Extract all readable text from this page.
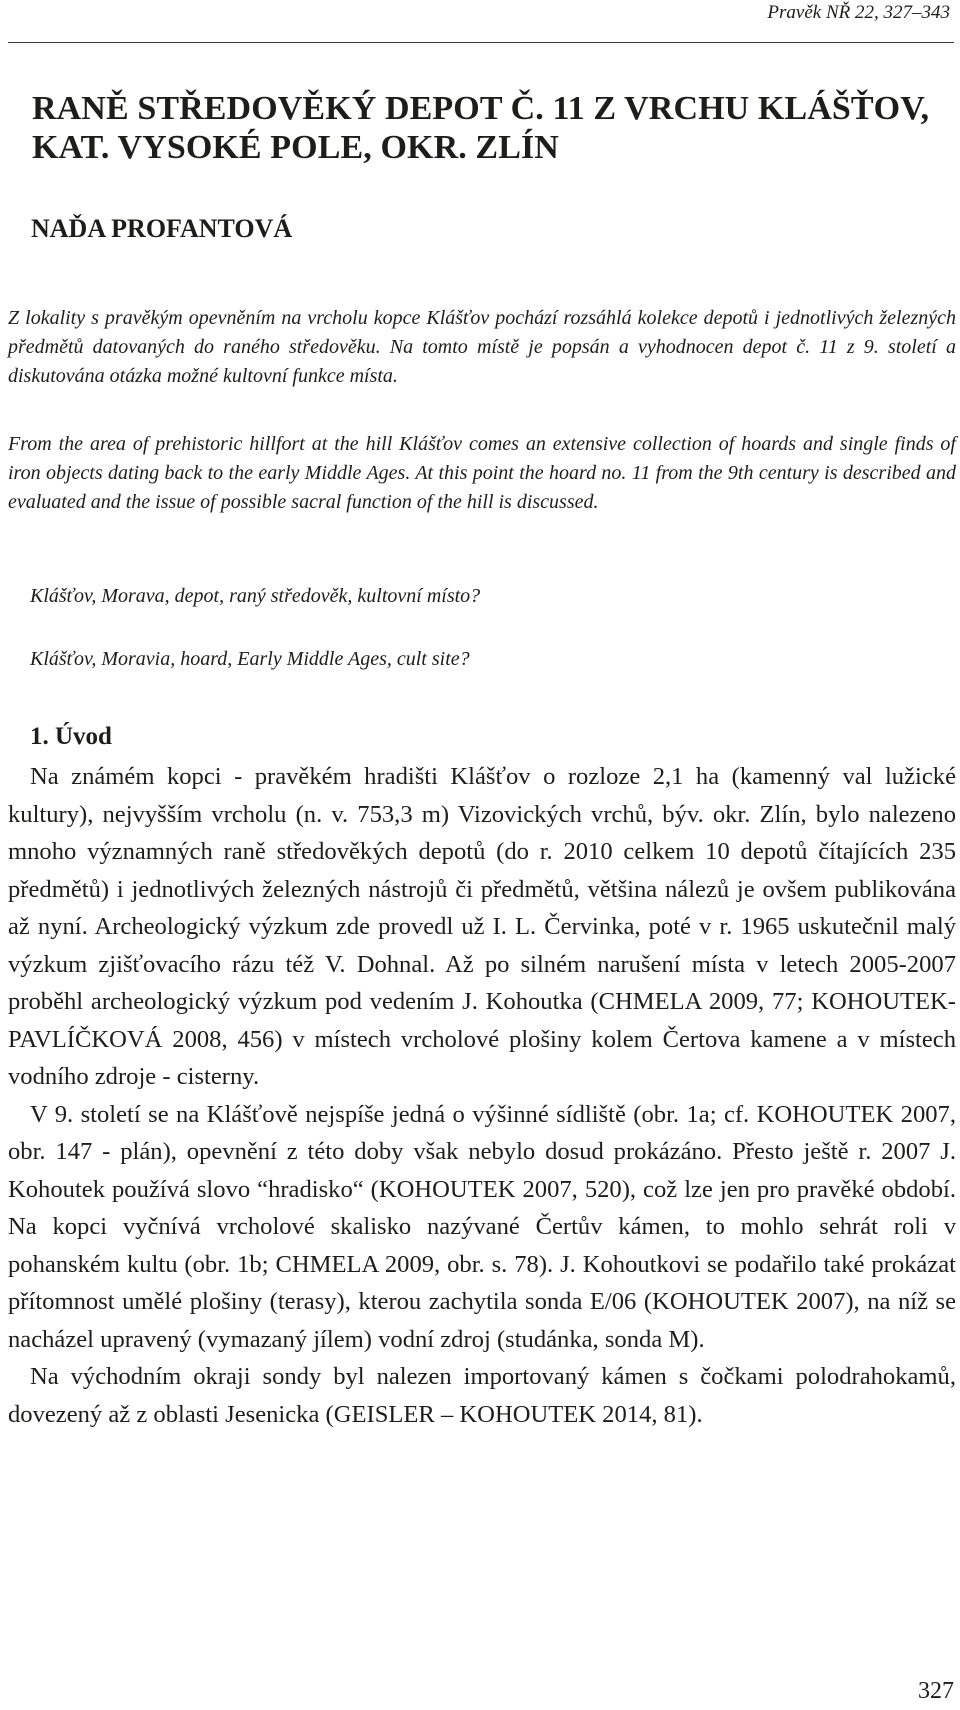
Pravěk NŘ 22, 327–343
RANĚ STŘEDOVĚKÝ DEPOT Č. 11 Z VRCHU KLÁŠŤOV, KAT. VYSOKÉ POLE, OKR. ZLÍN
NAĎA PROFANTOVÁ

Z lokality s pravěkým opevněním na vrcholu kopce Klášťov pochází rozsáhlá kolekce depotů i jednotlivých železných předmětů datovaných do raného středověku. Na tomto místě je popsán a vyhodnocen depot č. 11 z 9. století a diskutována otázka možné kultovní funkce místa.

From the area of prehistoric hillfort at the hill Klášťov comes an extensive collection of hoards and single finds of iron objects dating back to the early Middle Ages. At this point the hoard no. 11 from the 9th century is described and evaluated and the issue of possible sacral function of the hill is discussed.

Klášťov, Morava, depot, raný středověk, kultovní místo?

Klášťov, Moravia, hoard, Early Middle Ages, cult site?

1. Úvod

Na známém kopci - pravěkém hradišti Klášťov o rozloze 2,1 ha (kamenný val lužické kultury), nejvyšším vrcholu (n. v. 753,3 m) Vizovických vrchů, býv. okr. Zlín, bylo nalezeno mnoho významných raně středověkých depotů (do r. 2010 celkem 10 depotů čítajících 235 předmětů) i jednotlivých železných nástrojů či předmětů, většina nálezů je ovšem publikována až nyní. Archeologický výzkum zde provedl už I. L. Červinka, poté v r. 1965 uskutečnil malý výzkum zjišťovacího rázu též V. Dohnal. Až po silném narušení místa v letech 2005-2007 proběhl archeologický výzkum pod vedením J. Kohoutka (CHMELA 2009, 77; KOHOUTEK-PAVLÍČKOVÁ 2008, 456) v místech vrcholové plošiny kolem Čertova kamene a v místech vodního zdroje - cisterny.

V 9. století se na Klášťově nejspíše jedná o výšinné sídliště (obr. 1a; cf. KOHOUTEK 2007, obr. 147 - plán), opevnění z této doby však nebylo dosud prokázáno. Přesto ještě r. 2007 J. Kohoutek používá slovo “hradisko“ (KOHOUTEK 2007, 520), což lze jen pro pravěké období. Na kopci vyčnívá vrcholové skalisko nazývané Čertův kámen, to mohlo sehrát roli v pohanském kultu (obr. 1b; CHMELA 2009, obr. s. 78). J. Kohoutkovi se podařilo také prokázat přítomnost umělé plošiny (terasy), kterou zachytila sonda E/06 (KOHOUTEK 2007), na níž se nacházel upravený (vymazaný jílem) vodní zdroj (studánka, sonda M).

Na východním okraji sondy byl nalezen importovaný kámen s čočkami polodrahokamů, dovezený až z oblasti Jesenicka (GEISLER – KOHOUTEK 2014, 81).

327
